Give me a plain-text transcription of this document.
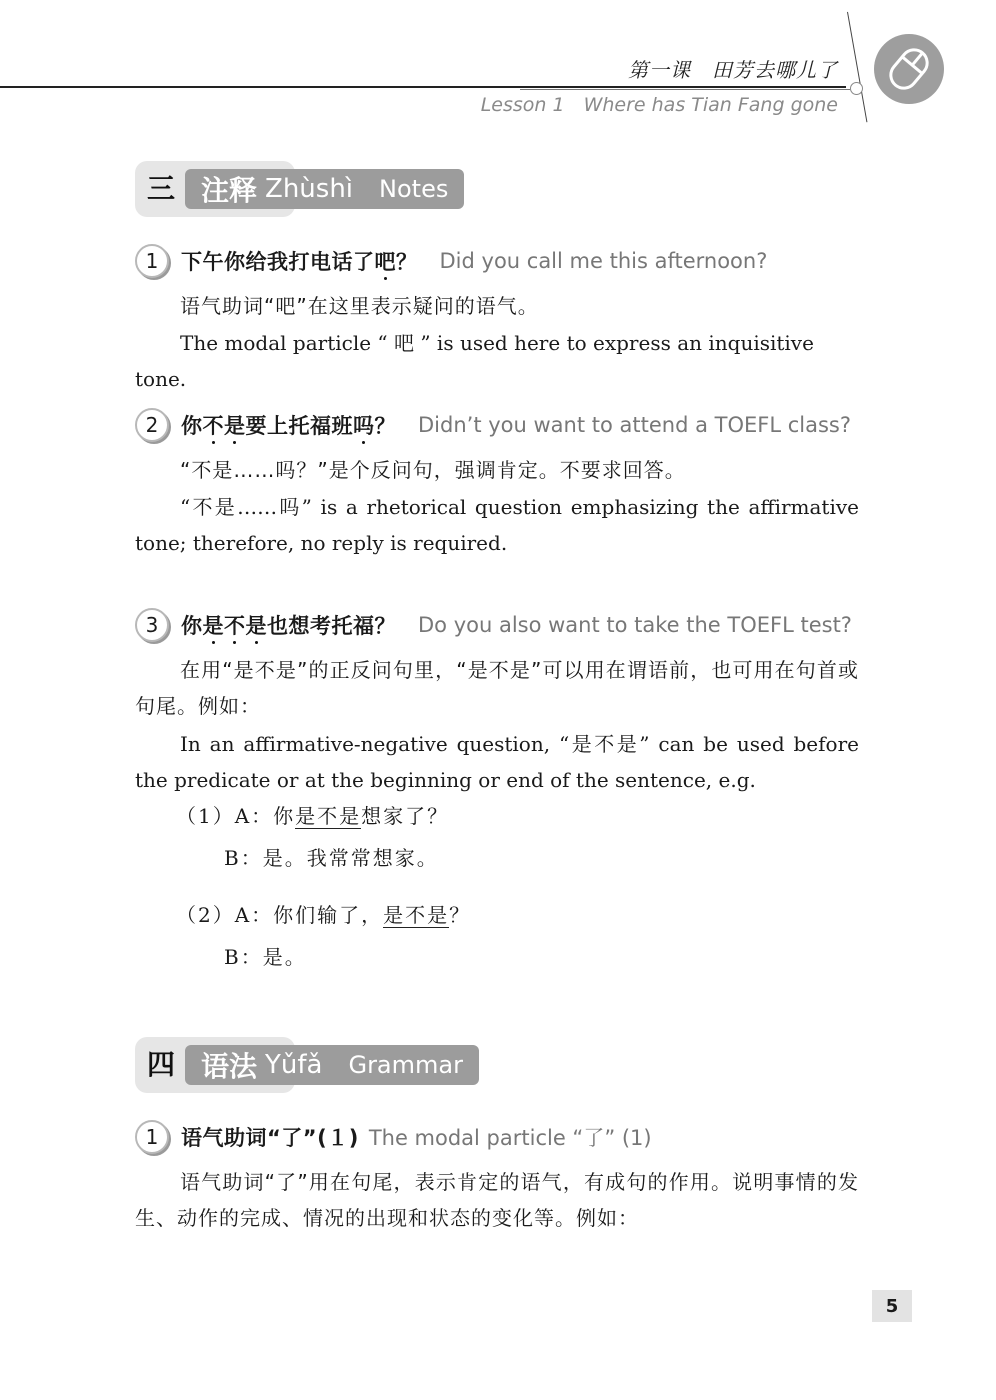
第一课　田芳去哪儿了
Lesson 1　Where has Tian Fang gone
三 注释 Zhùshì Notes
1	下午你给我打电话了吧？ Did you call me this afternoon?
语气助词“吧”在这里表示疑问的语气。
The modal particle “ 吧 ” is used here to express an inquisitive tone.
2	你不是要上托福班吗？ Didn’t you want to attend a TOEFL class?
“不是……吗？”是个反问句，强调肯定。不要求回答。
“不是……吗” is a rhetorical question emphasizing the affirmative tone; therefore, no reply is required.
3	你是不是也想考托福？ Do you also want to take the TOEFL test?
在用“是不是”的正反问句里，“是不是”可以用在谓语前，也可用在句首或句尾。例如：
In an affirmative-negative question, “是不是” can be used before the predicate or at the beginning or end of the sentence, e.g.
（1）A：你是不是想家了？
B：是。我常常想家。
（2）A：你们输了，是不是？
B：是。
四 语法 Yǔfǎ Grammar
1	语气助词“了”(１) The modal particle “了” (1)
语气助词“了”用在句尾，表示肯定的语气，有成句的作用。说明事情的发生、动作的完成、情况的出现和状态的变化等。例如：
5
